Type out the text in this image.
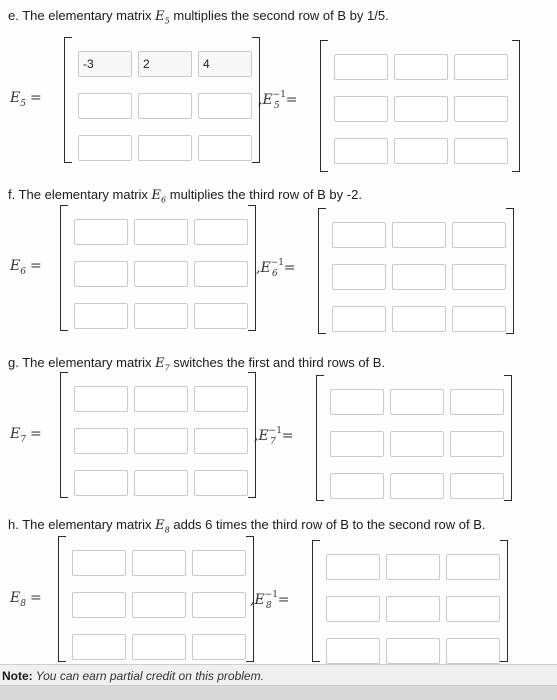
e. The elementary matrix $E_5$ multiplies the second row of B by 1/5.
$E_5$ =
-3	2	4
$,E^{-1}_5$ =
f. The elementary matrix $E_6$ multiplies the third row of B by -2.
$E_6$ =	$,E^{-1}_6$ =
g. The elementary matrix $E_7$ switches the first and third rows of B.
$E_7$ =	$,E^{-1}_7$ =
h. The elementary matrix $E_8$ adds 6 times the third row of B to the second row of B.
$E_8$ =	$,E^{-1}_8$ =
Note: You can earn partial credit on this problem.
